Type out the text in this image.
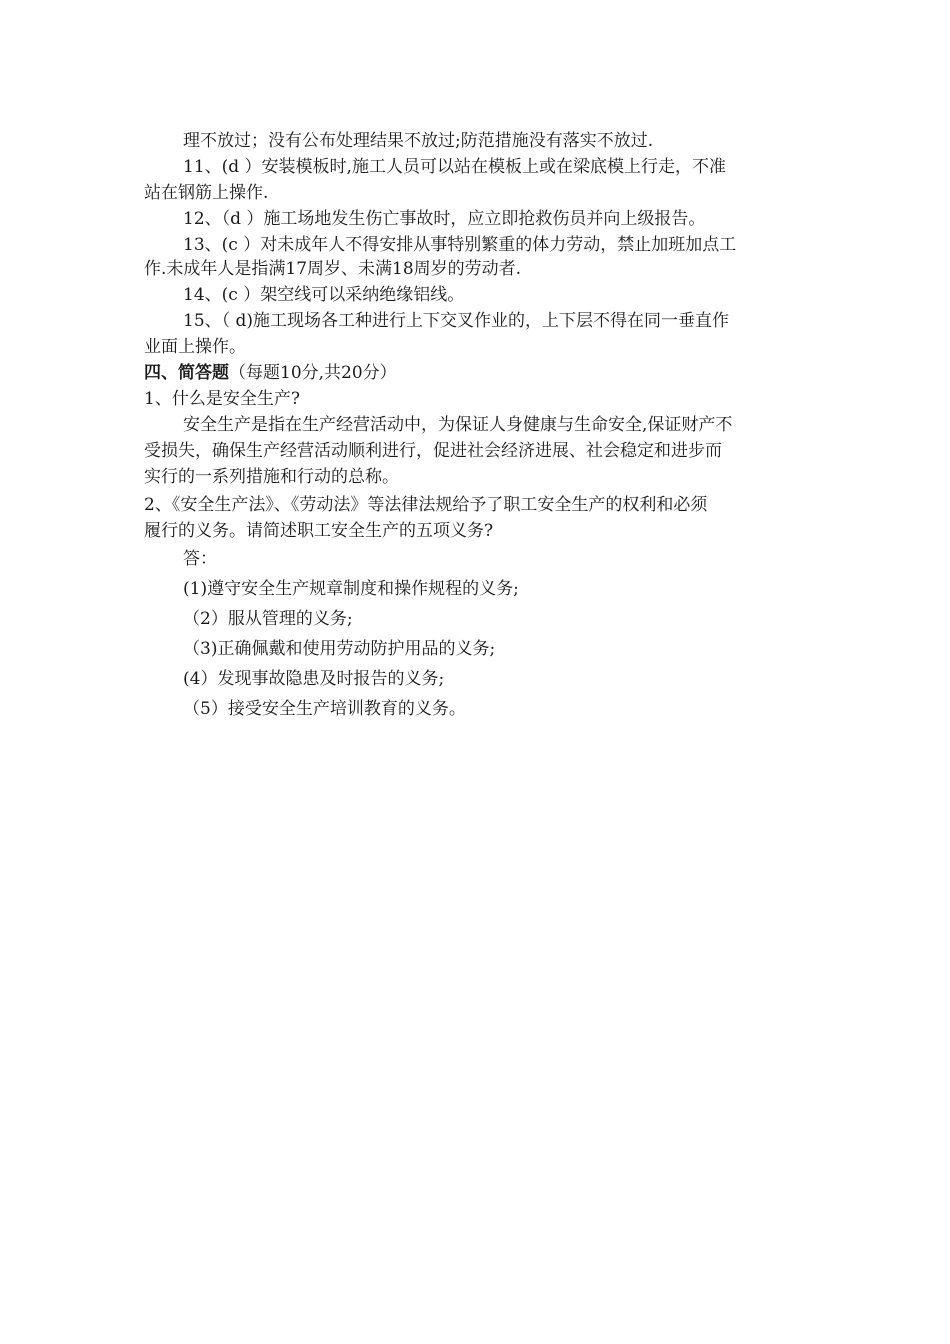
理不放过；没有公布处理结果不放过;防范措施没有落实不放过.

11、(d ）安装模板时,施工人员可以站在模板上或在梁底模上行走，不准

站在钢筋上操作.

12、（d ）施工场地发生伤亡事故时，应立即抢救伤员并向上级报告。

13、(c ）对未成年人不得安排从事特别繁重的体力劳动，禁止加班加点工

作.未成年人是指满17周岁、未满18周岁的劳动者.

14、(c ）架空线可以采纳绝缘铝线。

15、（ d)施工现场各工种进行上下交叉作业的，上下层不得在同一垂直作

业面上操作。

四、简答题（每题10分,共20分）

1、什么是安全生产?

安全生产是指在生产经营活动中，为保证人身健康与生命安全,保证财产不

受损失，确保生产经营活动顺利进行，促进社会经济进展、社会稳定和进步而

实行的一系列措施和行动的总称。

2、《安全生产法》、《劳动法》等法律法规给予了职工安全生产的权利和必须

履行的义务。请简述职工安全生产的五项义务?

答：

(1)遵守安全生产规章制度和操作规程的义务;

（2）服从管理的义务;

（3)正确佩戴和使用劳动防护用品的义务;

(4）发现事故隐患及时报告的义务;

（5）接受安全生产培训教育的义务。
